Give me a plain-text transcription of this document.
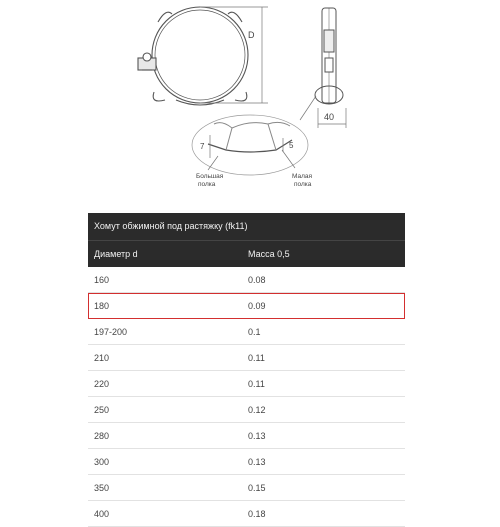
D
40
7	5
Большая
полка
Малая
полка
Хомут обжимной под растяжку (fk11)
Диаметр d	Масса 0,5
160	0.08
180	0.09
197-200	0.1
210	0.11
220	0.11
250	0.12
280	0.13
300	0.13
350	0.15
400	0.18
